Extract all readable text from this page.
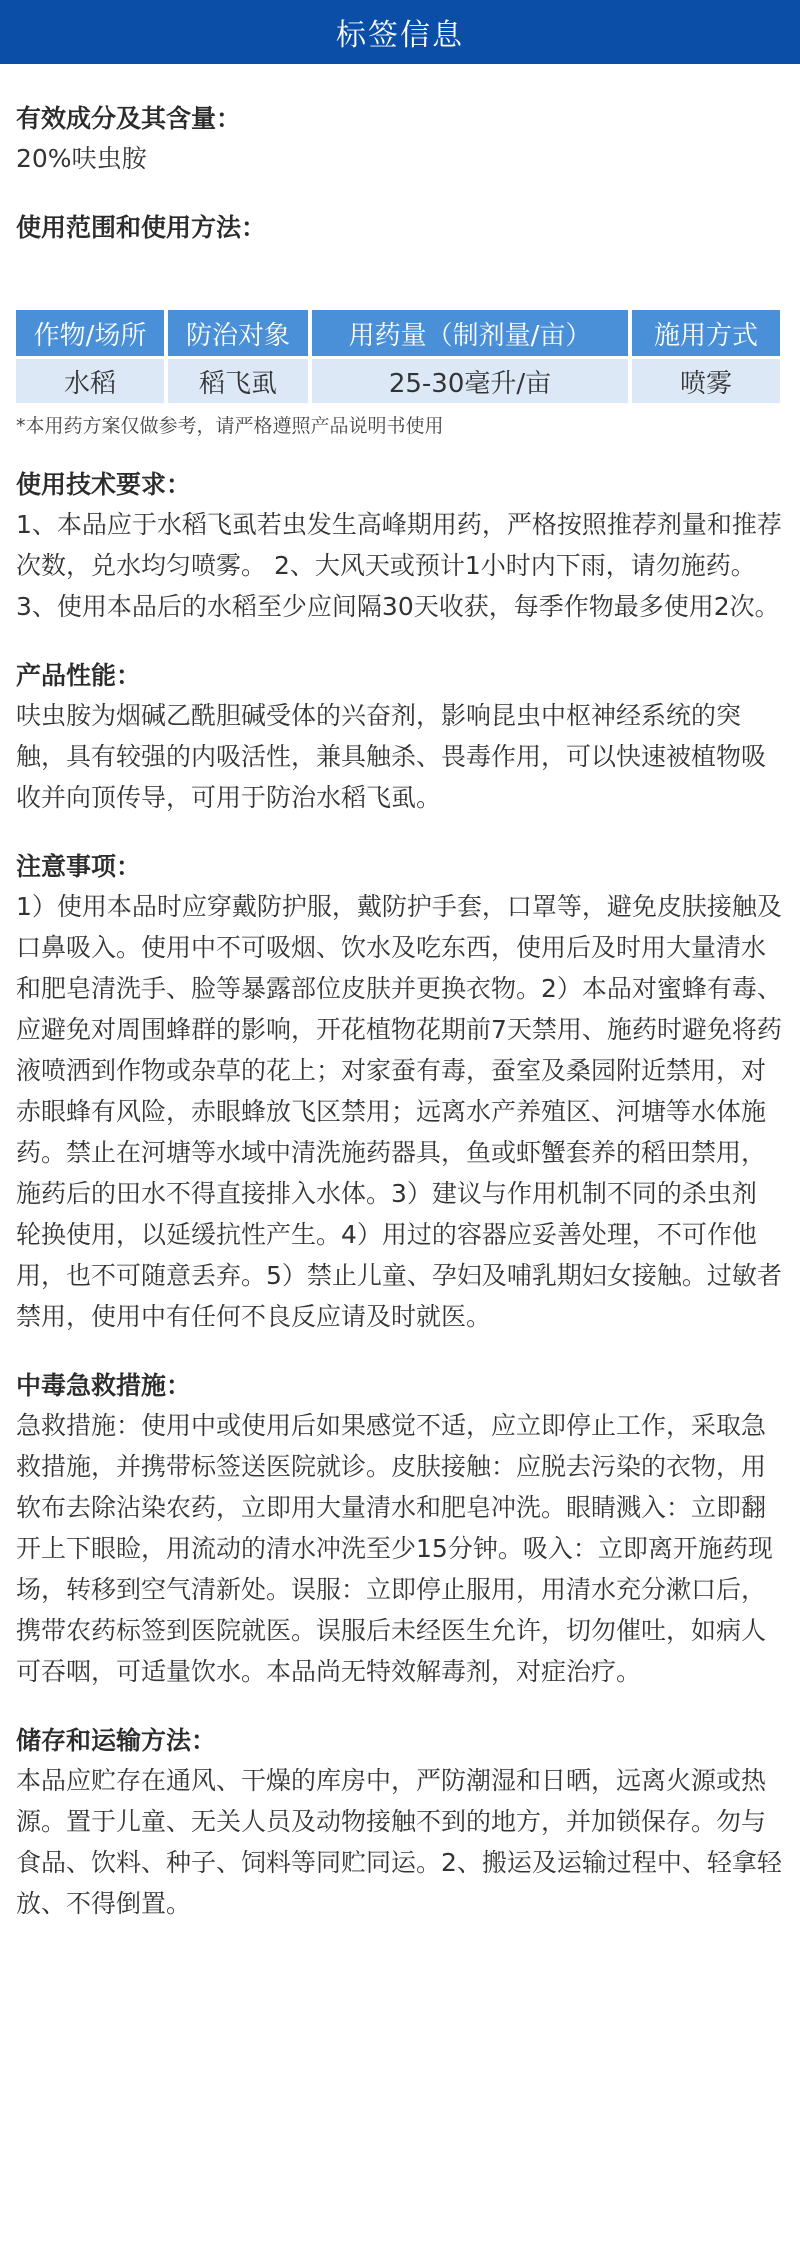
标签信息
有效成分及其含量：
20%呋虫胺
使用范围和使用方法：
作物/场所	防治对象	用药量（制剂量/亩）	施用方式
水稻	稻飞虱	25-30毫升/亩	喷雾
*本用药方案仅做参考，请严格遵照产品说明书使用
使用技术要求：
1、本品应于水稻飞虱若虫发生高峰期用药，严格按照推荐剂量和推荐次数，兑水均匀喷雾。 2、大风天或预计1小时内下雨，请勿施药。 3、使用本品后的水稻至少应间隔30天收获，每季作物最多使用2次。
产品性能：
呋虫胺为烟碱乙酰胆碱受体的兴奋剂，影响昆虫中枢神经系统的突触，具有较强的内吸活性，兼具触杀、畏毒作用，可以快速被植物吸收并向顶传导，可用于防治水稻飞虱。
注意事项：
1）使用本品时应穿戴防护服，戴防护手套，口罩等，避免皮肤接触及口鼻吸入。使用中不可吸烟、饮水及吃东西，使用后及时用大量清水和肥皂清洗手、脸等暴露部位皮肤并更换衣物。2）本品对蜜蜂有毒、应避免对周围蜂群的影响，开花植物花期前7天禁用、施药时避免将药液喷洒到作物或杂草的花上；对家蚕有毒，蚕室及桑园附近禁用，对赤眼蜂有风险，赤眼蜂放飞区禁用；远离水产养殖区、河塘等水体施药。禁止在河塘等水域中清洗施药器具，鱼或虾蟹套养的稻田禁用，施药后的田水不得直接排入水体。3）建议与作用机制不同的杀虫剂　轮换使用，以延缓抗性产生。4）用过的容器应妥善处理，不可作他用，也不可随意丢弃。5）禁止儿童、孕妇及哺乳期妇女接触。过敏者禁用，使用中有任何不良反应请及时就医。
中毒急救措施：
急救措施：使用中或使用后如果感觉不适，应立即停止工作，采取急救措施，并携带标签送医院就诊。皮肤接触：应脱去污染的衣物，用软布去除沾染农药，立即用大量清水和肥皂冲洗。眼睛溅入：立即翻开上下眼睑，用流动的清水冲洗至少15分钟。吸入：立即离开施药现场，转移到空气清新处。误服：立即停止服用，用清水充分漱口后，携带农药标签到医院就医。误服后未经医生允许，切勿催吐，如病人可吞咽，可适量饮水。本品尚无特效解毒剂，对症治疗。
储存和运输方法：
本品应贮存在通风、干燥的库房中，严防潮湿和日晒，远离火源或热源。置于儿童、无关人员及动物接触不到的地方，并加锁保存。勿与食品、饮料、种子、饲料等同贮同运。2、搬运及运输过程中、轻拿轻放、不得倒置。
